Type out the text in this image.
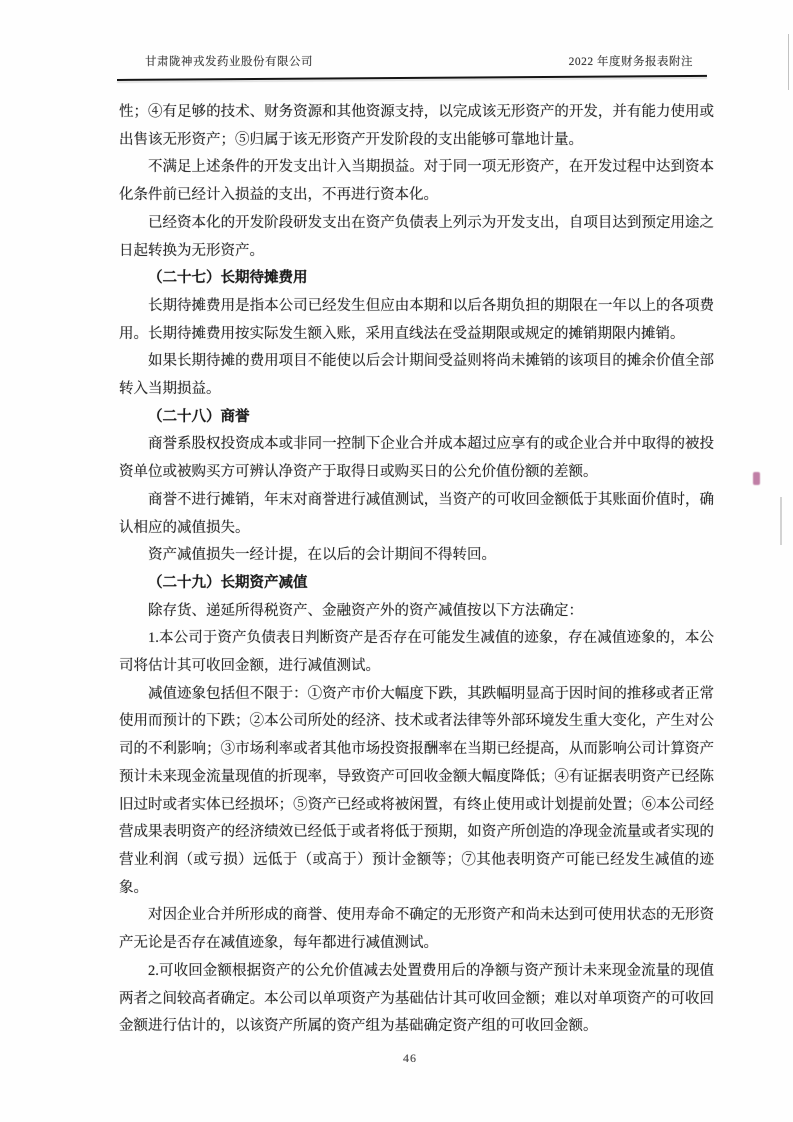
甘肃陇神戎发药业股份有限公司	2022 年度财务报表附注

性；④有足够的技术、财务资源和其他资源支持，以完成该无形资产的开发，并有能力使用或出售该无形资产；⑤归属于该无形资产开发阶段的支出能够可靠地计量。

不满足上述条件的开发支出计入当期损益。对于同一项无形资产，在开发过程中达到资本化条件前已经计入损益的支出，不再进行资本化。

已经资本化的开发阶段研发支出在资产负债表上列示为开发支出，自项目达到预定用途之日起转换为无形资产。

（二十七）长期待摊费用

长期待摊费用是指本公司已经发生但应由本期和以后各期负担的期限在一年以上的各项费用。长期待摊费用按实际发生额入账，采用直线法在受益期限或规定的摊销期限内摊销。

如果长期待摊的费用项目不能使以后会计期间受益则将尚未摊销的该项目的摊余价值全部转入当期损益。

（二十八）商誉

商誉系股权投资成本或非同一控制下企业合并成本超过应享有的或企业合并中取得的被投资单位或被购买方可辨认净资产于取得日或购买日的公允价值份额的差额。

商誉不进行摊销，年末对商誉进行减值测试，当资产的可收回金额低于其账面价值时，确认相应的减值损失。

资产减值损失一经计提，在以后的会计期间不得转回。

（二十九）长期资产减值

除存货、递延所得税资产、金融资产外的资产减值按以下方法确定：

1.本公司于资产负债表日判断资产是否存在可能发生减值的迹象，存在减值迹象的，本公司将估计其可收回金额，进行减值测试。

减值迹象包括但不限于：①资产市价大幅度下跌，其跌幅明显高于因时间的推移或者正常使用而预计的下跌；②本公司所处的经济、技术或者法律等外部环境发生重大变化，产生对公司的不利影响；③市场利率或者其他市场投资报酬率在当期已经提高，从而影响公司计算资产预计未来现金流量现值的折现率，导致资产可回收金额大幅度降低；④有证据表明资产已经陈旧过时或者实体已经损坏；⑤资产已经或将被闲置，有终止使用或计划提前处置；⑥本公司经营成果表明资产的经济绩效已经低于或者将低于预期，如资产所创造的净现金流量或者实现的营业利润（或亏损）远低于（或高于）预计金额等；⑦其他表明资产可能已经发生减值的迹象。

对因企业合并所形成的商誉、使用寿命不确定的无形资产和尚未达到可使用状态的无形资产无论是否存在减值迹象，每年都进行减值测试。

2.可收回金额根据资产的公允价值减去处置费用后的净额与资产预计未来现金流量的现值两者之间较高者确定。本公司以单项资产为基础估计其可收回金额；难以对单项资产的可收回金额进行估计的，以该资产所属的资产组为基础确定资产组的可收回金额。

46
